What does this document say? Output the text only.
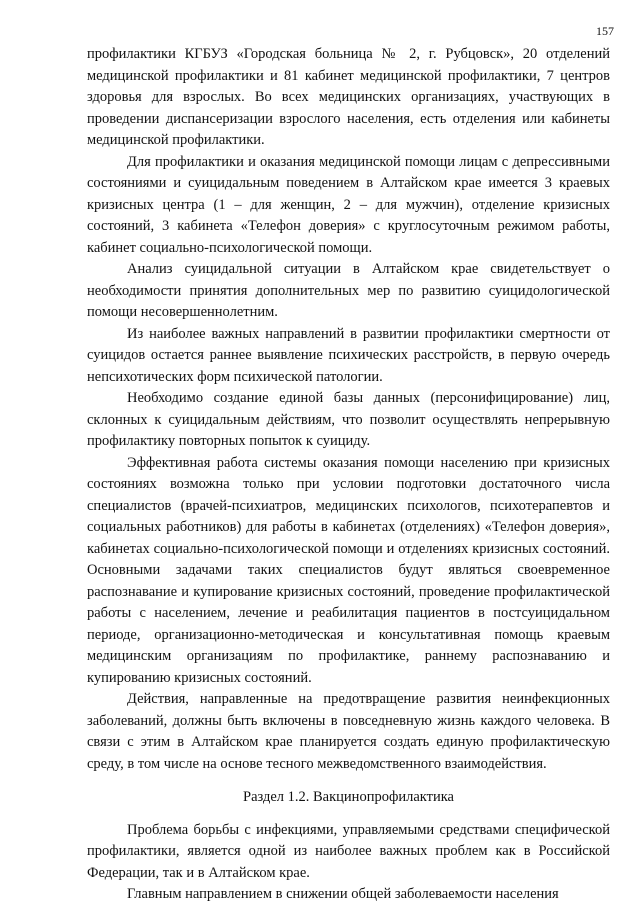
157

профилактики КГБУЗ «Городская больница № 2, г. Рубцовск», 20 отделений медицинской профилактики и 81 кабинет медицинской профилактики, 7 центров здоровья для взрослых. Во всех медицинских организациях, участвующих в проведении диспансеризации взрослого населения, есть отделения или кабинеты медицинской профилактики.

Для профилактики и оказания медицинской помощи лицам с депрессивными состояниями и суицидальным поведением в Алтайском крае имеется 3 краевых кризисных центра (1 – для женщин, 2 – для мужчин), отделение кризисных состояний, 3 кабинета «Телефон доверия» с круглосуточным режимом работы, кабинет социально-психологической помощи.

Анализ суицидальной ситуации в Алтайском крае свидетельствует о необходимости принятия дополнительных мер по развитию суицидологической помощи несовершеннолетним.

Из наиболее важных направлений в развитии профилактики смертности от суицидов остается раннее выявление психических расстройств, в первую очередь непсихотических форм психической патологии.

Необходимо создание единой базы данных (персонифицирование) лиц, склонных к суицидальным действиям, что позволит осуществлять непрерывную профилактику повторных попыток к суициду.

Эффективная работа системы оказания помощи населению при кризисных состояниях возможна только при условии подготовки достаточного числа специалистов (врачей-психиатров, медицинских психологов, психотерапевтов и социальных работников) для работы в кабинетах (отделениях) «Телефон доверия», кабинетах социально-психологической помощи и отделениях кризисных состояний. Основными задачами таких специалистов будут являться своевременное распознавание и купирование кризисных состояний, проведение профилактической работы с населением, лечение и реабилитация пациентов в постсуицидальном периоде, организационно-методическая и консультативная помощь краевым медицинским организациям по профилактике, раннему распознаванию и купированию кризисных состояний.

Действия, направленные на предотвращение развития неинфекционных заболеваний, должны быть включены в повседневную жизнь каждого человека. В связи с этим в Алтайском крае планируется создать единую профилактическую среду, в том числе на основе тесного межведомственного взаимодействия.

Раздел 1.2. Вакцинопрофилактика

Проблема борьбы с инфекциями, управляемыми средствами специфической профилактики, является одной из наиболее важных проблем как в Российской Федерации, так и в Алтайском крае.

Главным направлением в снижении общей заболеваемости населения
